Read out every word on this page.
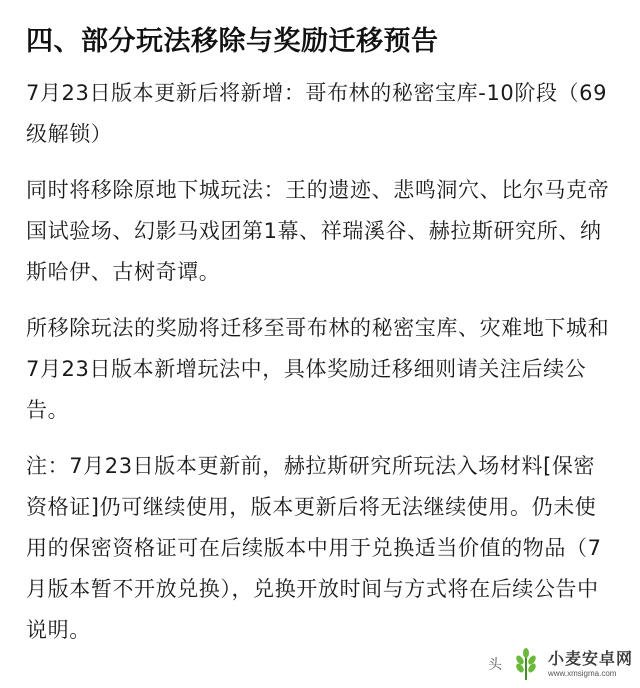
四、部分玩法移除与奖励迁移预告

7月23日版本更新后将新增：哥布林的秘密宝库-10阶段（69级解锁）

同时将移除原地下城玩法：王的遗迹、悲鸣洞穴、比尔马克帝国试验场、幻影马戏团第1幕、祥瑞溪谷、赫拉斯研究所、纳斯哈伊、古树奇谭。

所移除玩法的奖励将迁移至哥布林的秘密宝库、灾难地下城和7月23日版本新增玩法中，具体奖励迁移细则请关注后续公告。

注：7月23日版本更新前，赫拉斯研究所玩法入场材料[保密资格证]仍可继续使用，版本更新后将无法继续使用。仍未使用的保密资格证可在后续版本中用于兑换适当价值的物品（7月版本暂不开放兑换），兑换开放时间与方式将在后续公告中说明。

头	小麦安卓网
www.xmsigma.com
